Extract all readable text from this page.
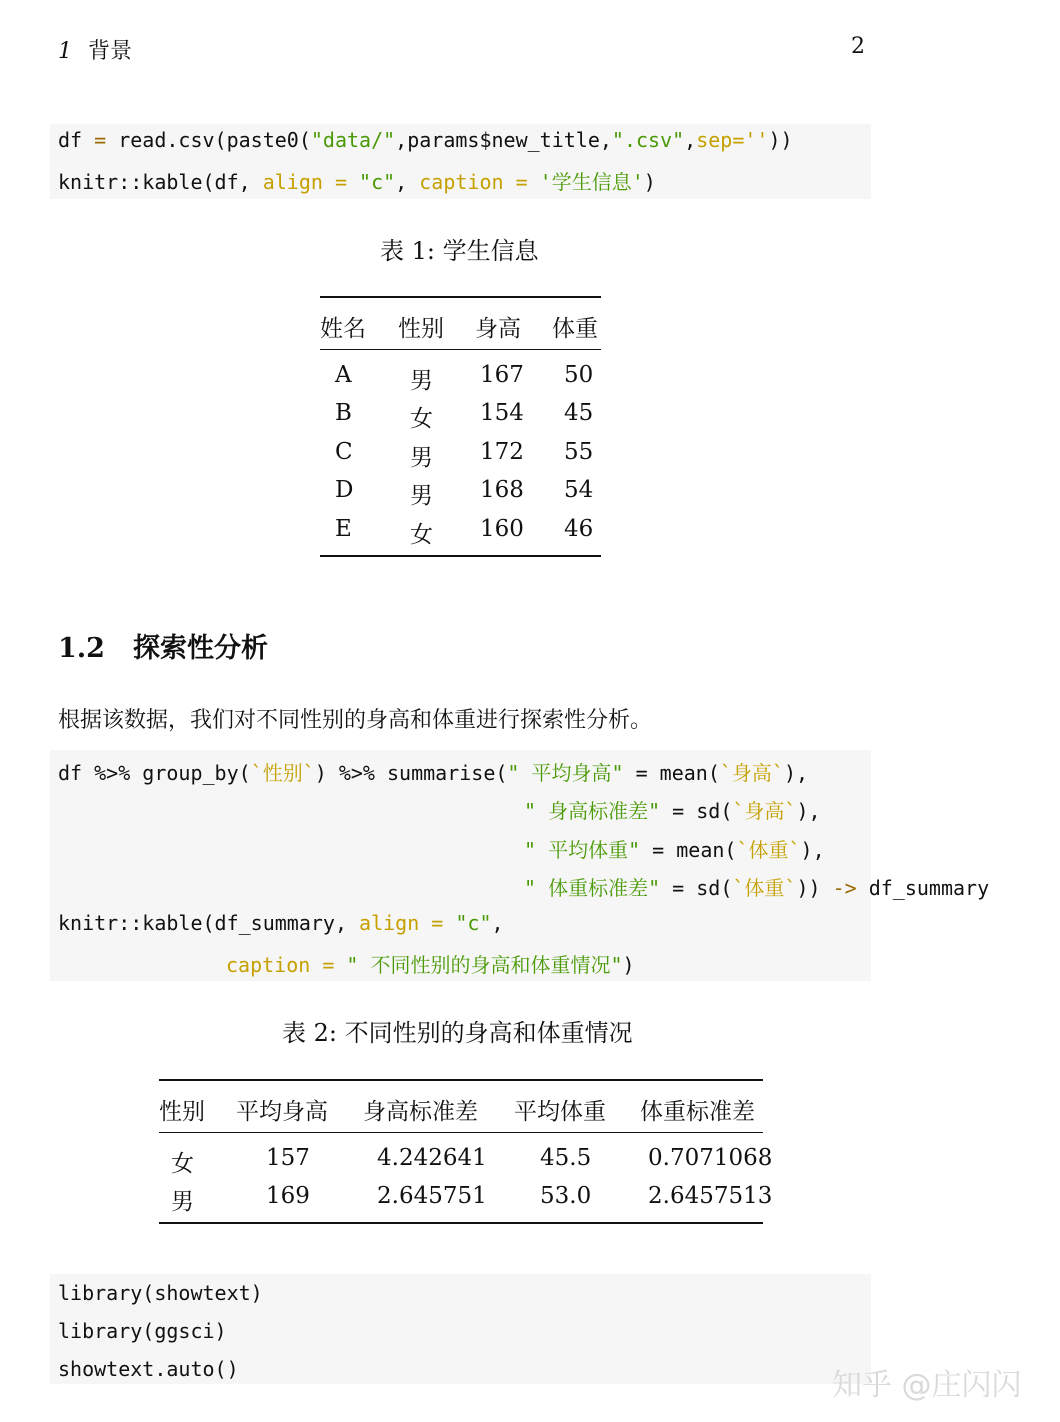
1 背景	2
df = read.csv(paste0("data/",params$new_title,".csv",sep=''))
knitr::kable(df, align = "c", caption = '学生信息')
表 1: 学生信息
姓名 性别 身高 体重
A	男 167 50
B	女 154 45
C 男 172 55
D 男 168 54
E	女 160 46
1.2 探索性分析
根据该数据，我们对不同性别的身高和体重进行探索性分析。
df %>% group_by(`性别`) %>% summarise(" 平均身高" = mean(`身高`),
" 身高标准差" = sd(`身高`),
" 平均体重" = mean(`体重`),
" 体重标准差" = sd(`体重`)) -> df_summary
knitr::kable(df_summary, align = "c",
caption = " 不同性别的身高和体重情况")
表 2: 不同性别的身高和体重情况
性别 平均身高 身高标准差 平均体重 体重标准差
女	157	4.242641 45.5 0.7071068
男	169	2.645751 53.0 2.6457513
library(showtext)
library(ggsci)
showtext.auto()	知乎 @庄闪闪
